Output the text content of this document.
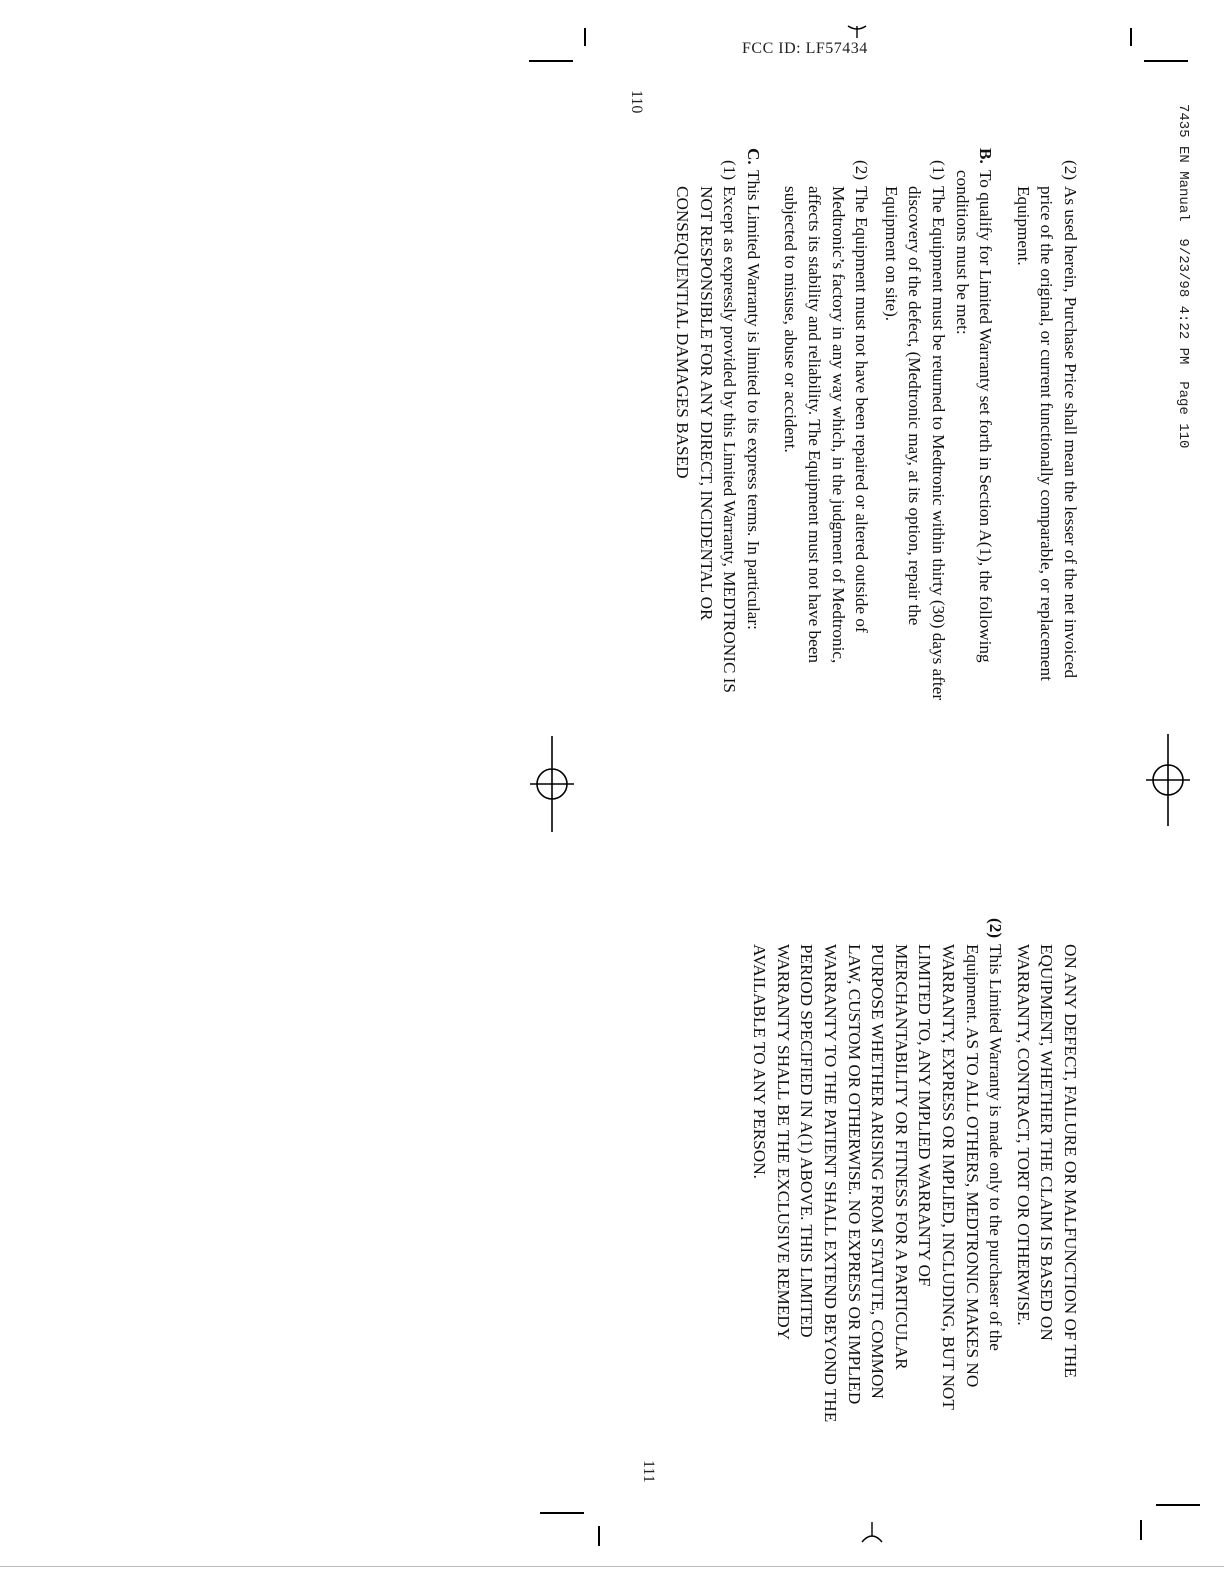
FCC ID: LF57434
7435 EN Manual  9/23/98 4:22 PM  Page 110
110
111
(2)
As used herein, Purchase Price shall mean the lesser of the net invoiced price of the original, or current functionally comparable, or replacement Equipment.
B.
To qualify for Limited Warranty set forth in Section A(1), the following conditions must be met:
(1)
The Equipment must be returned to Medtronic within thirty (30) days after discovery of the defect, (Medtronic may, at its option, repair the Equipment on site).
(2)
The Equipment must not have been repaired or altered outside of Medtronic’s factory in any way which, in the judgment of Medtronic, affects its stability and reliability. The Equipment must not have been subjected to misuse, abuse or accident.
C.
This Limited Warranty is limited to its express terms. In particular:
(1)
Except as expressly provided by this Limited Warranty, MEDTRONIC IS NOT RESPONSIBLE FOR ANY DIRECT, INCIDENTAL OR CONSEQUENTIAL DAMAGES BASED
ON ANY DEFECT, FAILURE OR MALFUNCTION OF THE EQUIPMENT, WHETHER THE CLAIM IS BASED ON WARRANTY, CONTRACT, TORT OR OTHERWISE.
(2)
This Limited Warranty is made only to the purchaser of the Equipment. AS TO ALL OTHERS, MEDTRONIC MAKES NO WARRANTY, EXPRESS OR IMPLIED, INCLUDING, BUT NOT LIMITED TO, ANY IMPLIED WARRANTY OF MERCHANTABILITY OR FITNESS FOR A PARTICULAR PURPOSE WHETHER ARISING FROM STATUTE, COMMON LAW, CUSTOM OR OTHERWISE. NO EXPRESS OR IMPLIED WARRANTY TO THE PATIENT SHALL EXTEND BEYOND THE PERIOD SPECIFIED IN A(1) ABOVE. THIS LIMITED WARRANTY SHALL BE THE EXCLUSIVE REMEDY AVAILABLE TO ANY PERSON.
